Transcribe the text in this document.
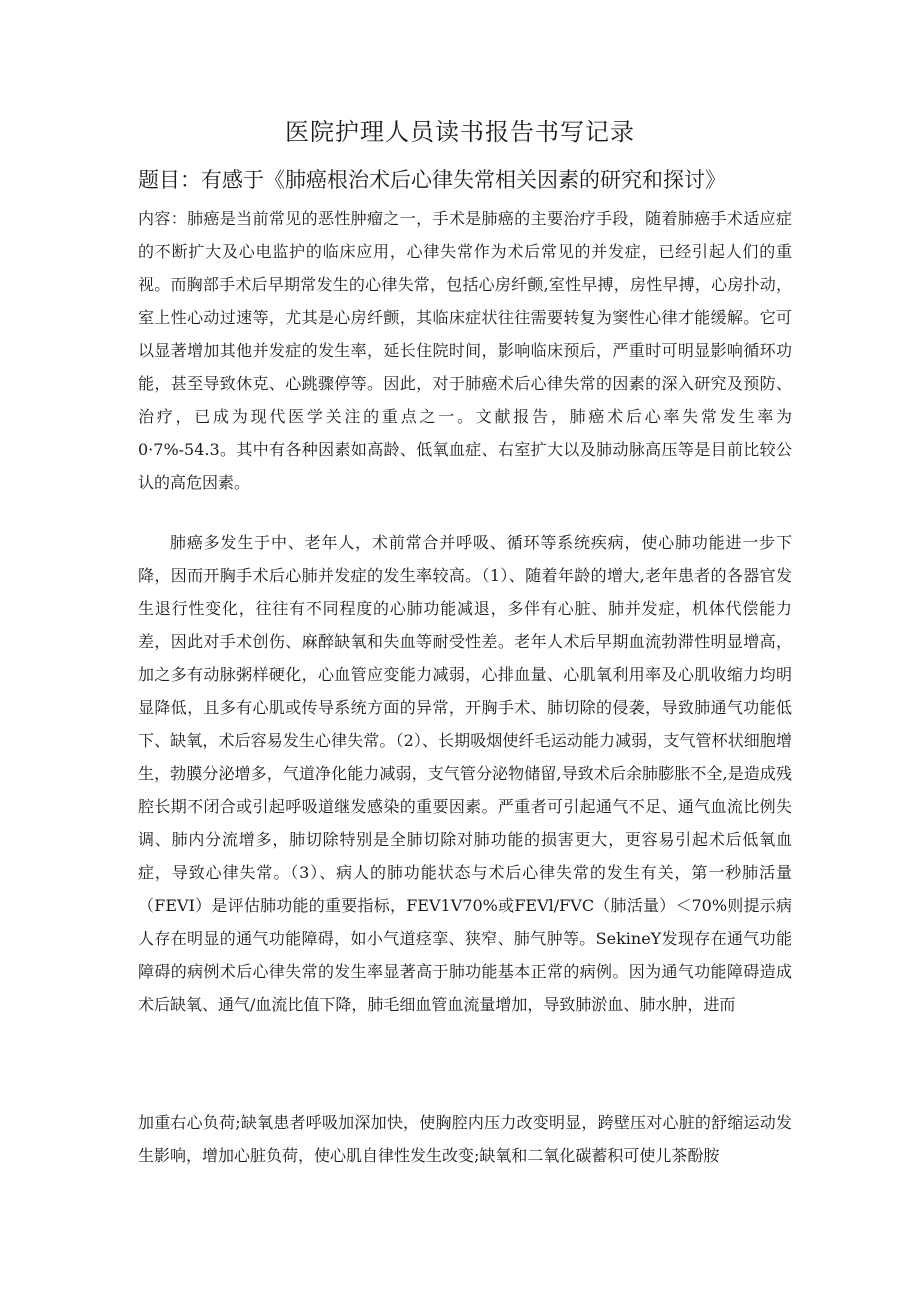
医院护理人员读书报告书写记录
题目：有感于《肺癌根治术后心律失常相关因素的研究和探讨》

内容：肺癌是当前常见的恶性肿瘤之一，手术是肺癌的主要治疗手段，随着肺癌手术适应症的不断扩大及心电监护的临床应用，心律失常作为术后常见的并发症，已经引起人们的重视。而胸部手术后早期常发生的心律失常，包括心房纤颤,室性早搏，房性早搏，心房扑动，室上性心动过速等，尤其是心房纤颤，其临床症状往往需要转复为窦性心律才能缓解。它可以显著增加其他并发症的发生率，延长住院时间，影响临床预后，严重时可明显影响循环功能，甚至导致休克、心跳骤停等。因此，对于肺癌术后心律失常的因素的深入研究及预防、治疗，已成为现代医学关注的重点之一。文献报告，肺癌术后心率失常发生率为0·7%-54.3。其中有各种因素如高龄、低氧血症、右室扩大以及肺动脉高压等是目前比较公认的高危因素。

肺癌多发生于中、老年人，术前常合并呼吸、循环等系统疾病，使心肺功能进一步下降，因而开胸手术后心肺并发症的发生率较高。（1）、随着年龄的增大,老年患者的各器官发生退行性变化，往往有不同程度的心肺功能减退，多伴有心脏、肺并发症，机体代偿能力差，因此对手术创伤、麻醉缺氧和失血等耐受性差。老年人术后早期血流勃滞性明显增高，加之多有动脉粥样硬化，心血管应变能力减弱，心排血量、心肌氧利用率及心肌收缩力均明显降低，且多有心肌或传导系统方面的异常，开胸手术、肺切除的侵袭，导致肺通气功能低下、缺氧，术后容易发生心律失常。（2）、长期吸烟使纤毛运动能力减弱，支气管杯状细胞增生，勃膜分泌增多，气道净化能力减弱，支气管分泌物储留,导致术后余肺膨胀不全,是造成残腔长期不闭合或引起呼吸道继发感染的重要因素。严重者可引起通气不足、通气血流比例失调、肺内分流增多，肺切除特别是全肺切除对肺功能的损害更大，更容易引起术后低氧血症，导致心律失常。（3）、病人的肺功能状态与术后心律失常的发生有关，第一秒肺活量（FEVI）是评估肺功能的重要指标，FEV1V70%或FEVl/FVC（肺活量）＜70%则提示病人存在明显的通气功能障碍，如小气道痉挛、狭窄、肺气肿等。SekineY发现存在通气功能障碍的病例术后心律失常的发生率显著高于肺功能基本正常的病例。因为通气功能障碍造成术后缺氧、通气/血流比值下降，肺毛细血管血流量增加，导致肺淤血、肺水肿，进而

加重右心负荷;缺氧患者呼吸加深加快，使胸腔内压力改变明显，跨壁压对心脏的舒缩运动发生影响，增加心脏负荷，使心肌自律性发生改变;缺氧和二氧化碳蓄积可使儿茶酚胺
